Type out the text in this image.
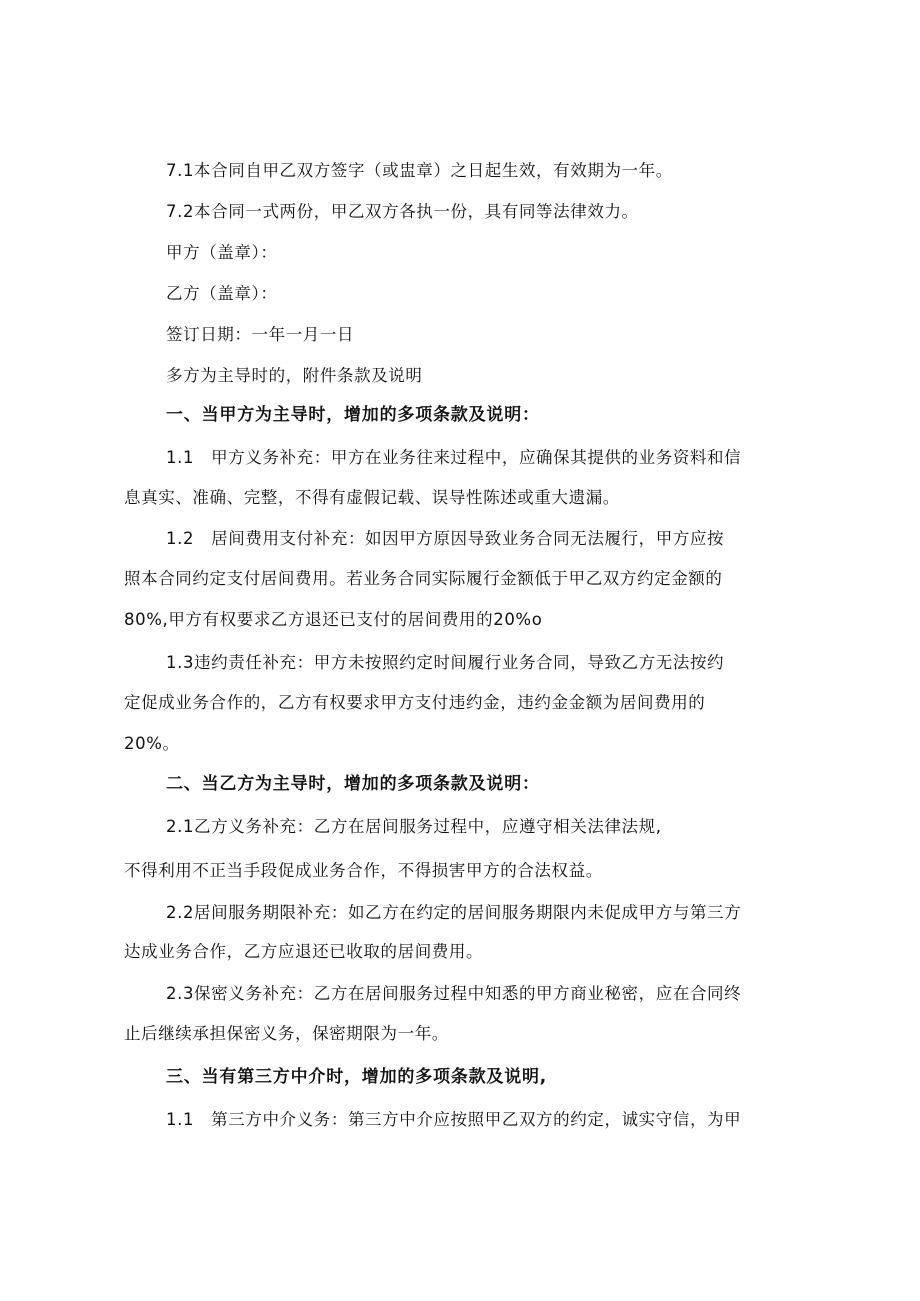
7.1本合同自甲乙双方签字（或盅章）之日起生效，有效期为一年。
7.2本合同一式两份，甲乙双方各执一份，具有同等法律效力。
甲方（盖章）：
乙方（盖章）：
签订日期：一年一月一日
多方为主导时的，附件条款及说明
一、当甲方为主导时，增加的多项条款及说明：
1.1　甲方义务补充：甲方在业务往来过程中，应确保其提供的业务资料和信
息真实、准确、完整，不得有虚假记载、误导性陈述或重大遗漏。
1.2　居间费用支付补充：如因甲方原因导致业务合同无法履行，甲方应按
照本合同约定支付居间费用。若业务合同实际履行金额低于甲乙双方约定金额的
80%,甲方有权要求乙方退还已支付的居间费用的20%o
1.3违约责任补充：甲方未按照约定时间履行业务合同，导致乙方无法按约
定促成业务合作的，乙方有权要求甲方支付违约金，违约金金额为居间费用的
20%。
二、当乙方为主导时，增加的多项条款及说明：
2.1乙方义务补充：乙方在居间服务过程中，应遵守相关法律法规,
不得利用不正当手段促成业务合作，不得损害甲方的合法权益。
2.2居间服务期限补充：如乙方在约定的居间服务期限内未促成甲方与第三方
达成业务合作，乙方应退还已收取的居间费用。
2.3保密义务补充：乙方在居间服务过程中知悉的甲方商业秘密，应在合同终
止后继续承担保密义务，保密期限为一年。
三、当有第三方中介时，增加的多项条款及说明,
1.1　第三方中介义务：第三方中介应按照甲乙双方的约定，诚实守信，为甲
